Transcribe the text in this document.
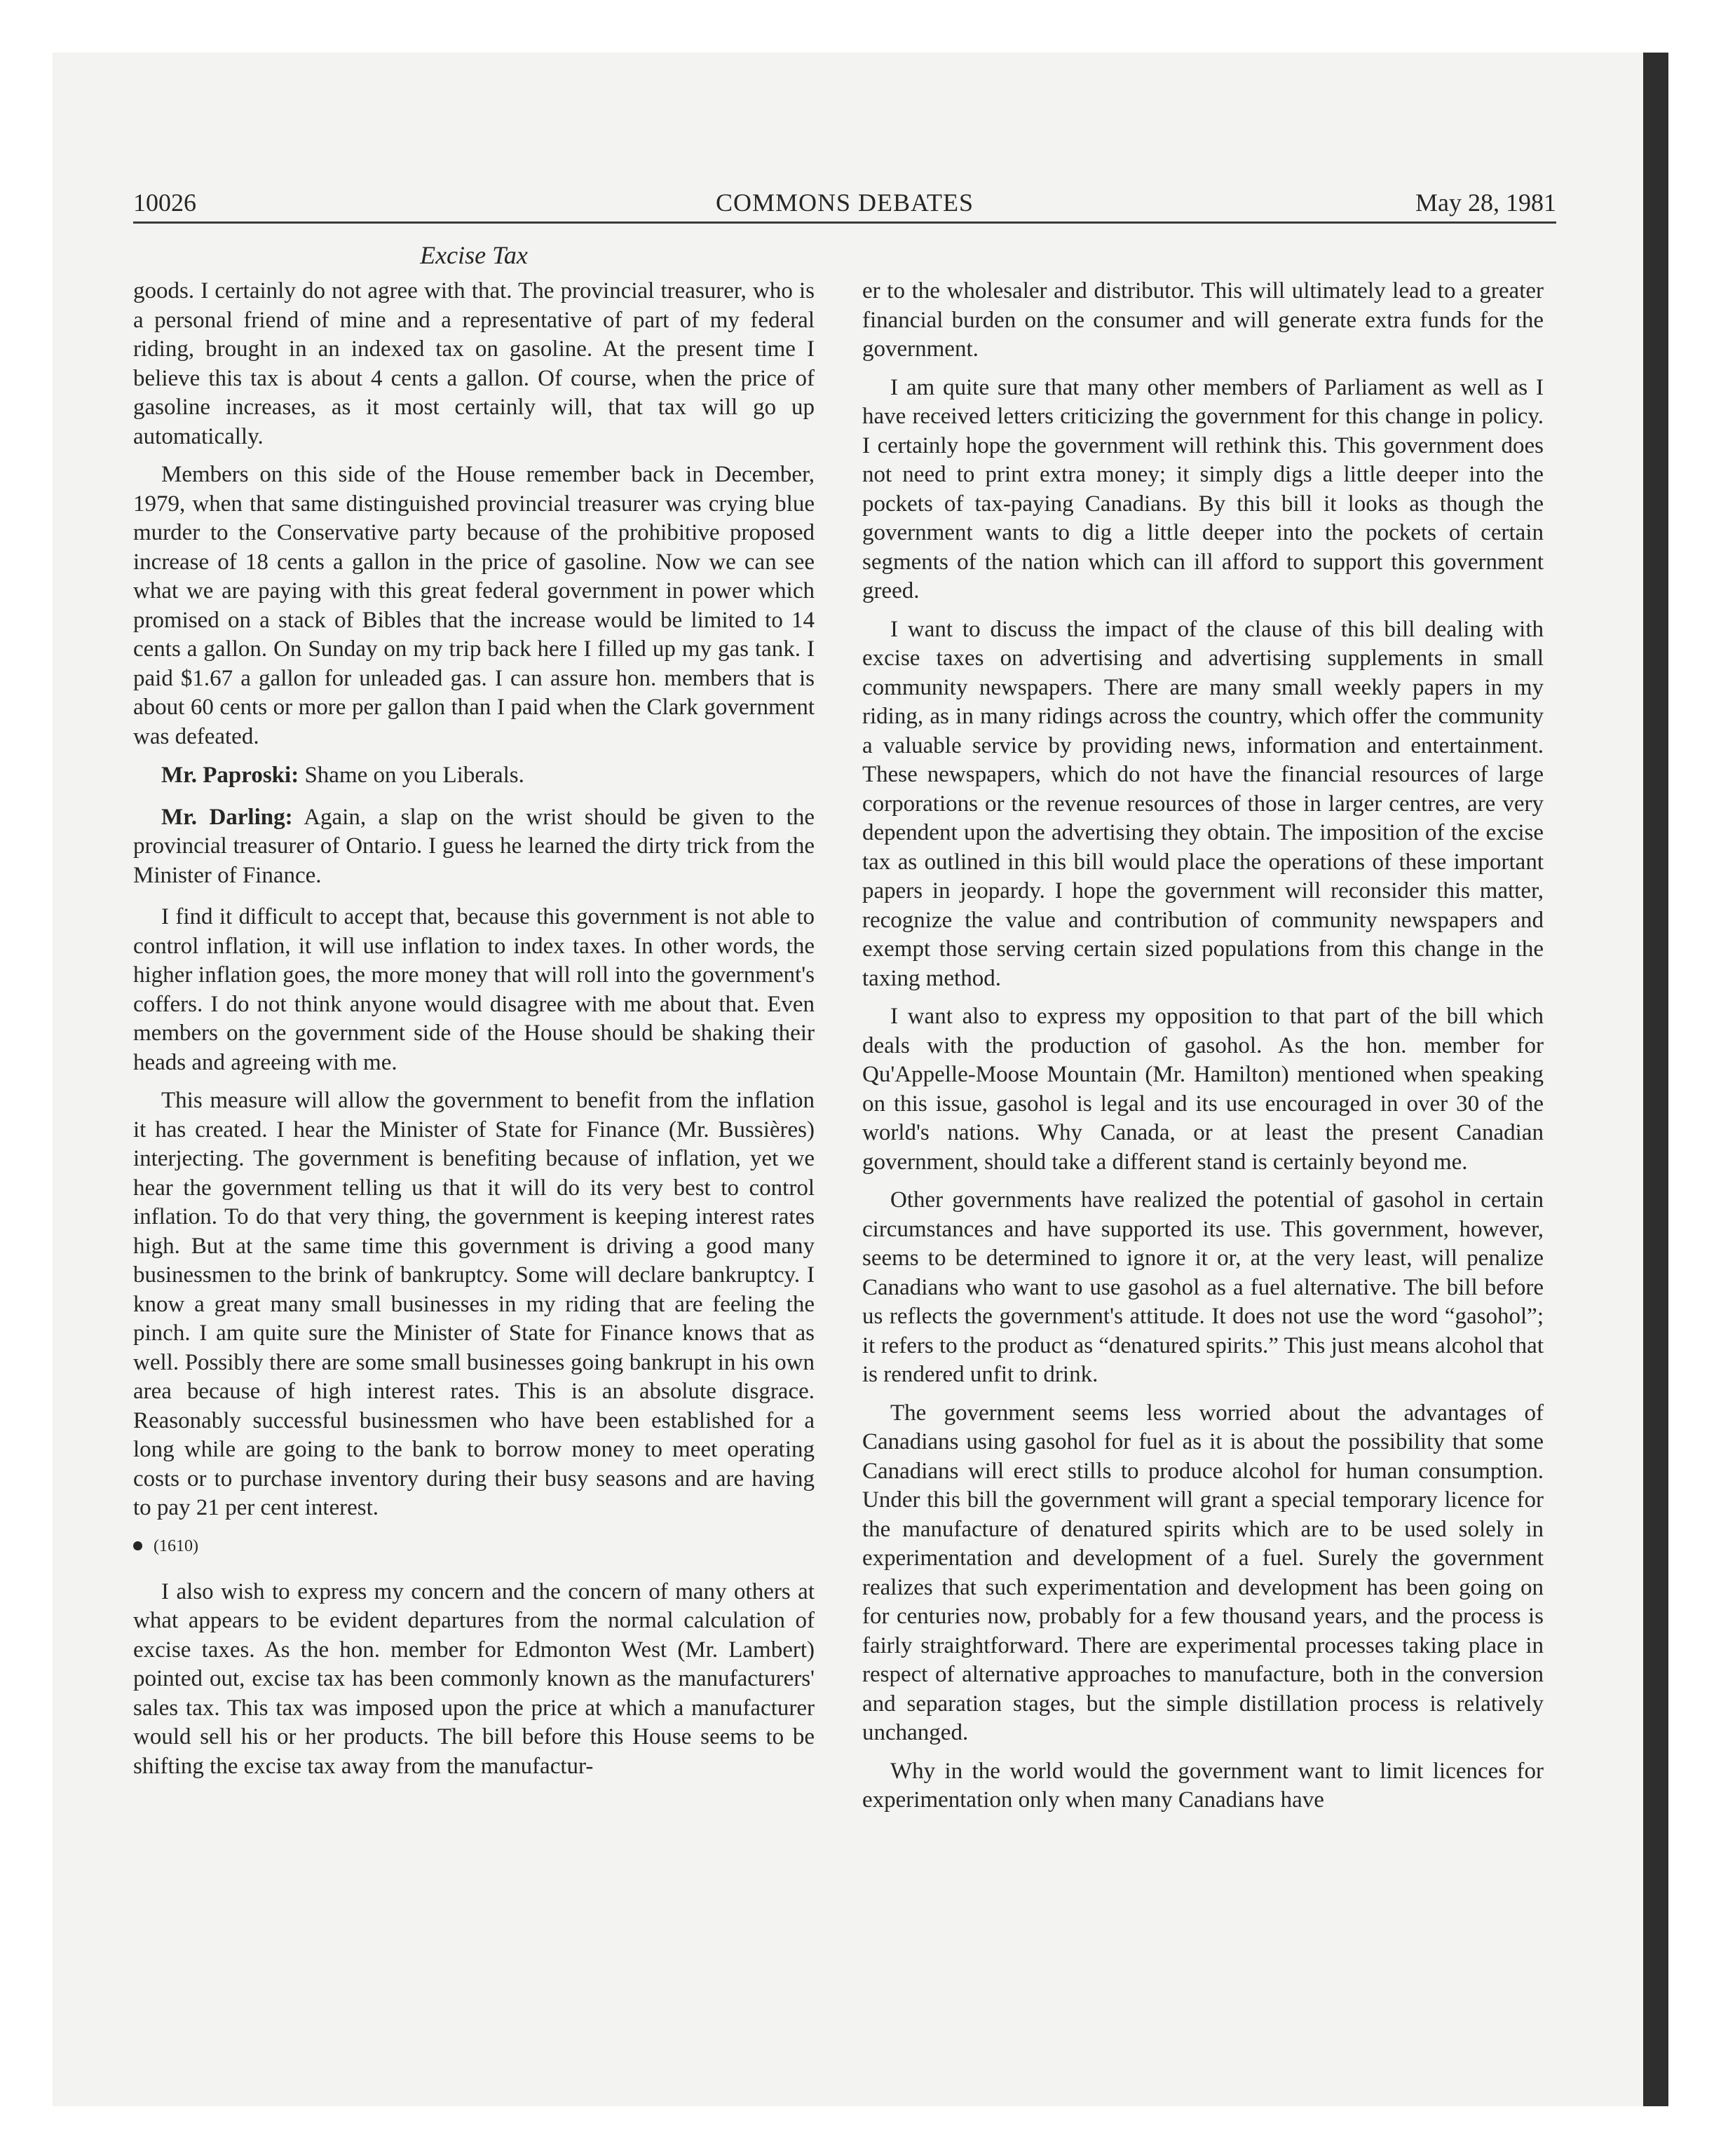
10026	COMMONS DEBATES	May 28, 1981
Excise Tax

goods. I certainly do not agree with that. The provincial treasurer, who is a personal friend of mine and a representative of part of my federal riding, brought in an indexed tax on gasoline. At the present time I believe this tax is about 4 cents a gallon. Of course, when the price of gasoline increases, as it most certainly will, that tax will go up automatically.

Members on this side of the House remember back in December, 1979, when that same distinguished provincial treasurer was crying blue murder to the Conservative party because of the prohibitive proposed increase of 18 cents a gallon in the price of gasoline. Now we can see what we are paying with this great federal government in power which promised on a stack of Bibles that the increase would be limited to 14 cents a gallon. On Sunday on my trip back here I filled up my gas tank. I paid $1.67 a gallon for unleaded gas. I can assure hon. members that is about 60 cents or more per gallon than I paid when the Clark government was defeated.

Mr. Paproski: Shame on you Liberals.

Mr. Darling: Again, a slap on the wrist should be given to the provincial treasurer of Ontario. I guess he learned the dirty trick from the Minister of Finance.

I find it difficult to accept that, because this government is not able to control inflation, it will use inflation to index taxes. In other words, the higher inflation goes, the more money that will roll into the government's coffers. I do not think anyone would disagree with me about that. Even members on the government side of the House should be shaking their heads and agreeing with me.

This measure will allow the government to benefit from the inflation it has created. I hear the Minister of State for Finance (Mr. Bussières) interjecting. The government is benefiting because of inflation, yet we hear the government telling us that it will do its very best to control inflation. To do that very thing, the government is keeping interest rates high. But at the same time this government is driving a good many businessmen to the brink of bankruptcy. Some will declare bankruptcy. I know a great many small businesses in my riding that are feeling the pinch. I am quite sure the Minister of State for Finance knows that as well. Possibly there are some small businesses going bankrupt in his own area because of high interest rates. This is an absolute disgrace. Reasonably successful businessmen who have been established for a long while are going to the bank to borrow money to meet operating costs or to purchase inventory during their busy seasons and are having to pay 21 per cent interest.

(1610)

I also wish to express my concern and the concern of many others at what appears to be evident departures from the normal calculation of excise taxes. As the hon. member for Edmonton West (Mr. Lambert) pointed out, excise tax has been commonly known as the manufacturers' sales tax. This tax was imposed upon the price at which a manufacturer would sell his or her products. The bill before this House seems to be shifting the excise tax away from the manufactur-

er to the wholesaler and distributor. This will ultimately lead to a greater financial burden on the consumer and will generate extra funds for the government.

I am quite sure that many other members of Parliament as well as I have received letters criticizing the government for this change in policy. I certainly hope the government will rethink this. This government does not need to print extra money; it simply digs a little deeper into the pockets of tax-paying Canadians. By this bill it looks as though the government wants to dig a little deeper into the pockets of certain segments of the nation which can ill afford to support this government greed.

I want to discuss the impact of the clause of this bill dealing with excise taxes on advertising and advertising supplements in small community newspapers. There are many small weekly papers in my riding, as in many ridings across the country, which offer the community a valuable service by providing news, information and entertainment. These newspapers, which do not have the financial resources of large corporations or the revenue resources of those in larger centres, are very dependent upon the advertising they obtain. The imposition of the excise tax as outlined in this bill would place the operations of these important papers in jeopardy. I hope the government will reconsider this matter, recognize the value and contribution of community newspapers and exempt those serving certain sized populations from this change in the taxing method.

I want also to express my opposition to that part of the bill which deals with the production of gasohol. As the hon. member for Qu'Appelle-Moose Mountain (Mr. Hamilton) mentioned when speaking on this issue, gasohol is legal and its use encouraged in over 30 of the world's nations. Why Canada, or at least the present Canadian government, should take a different stand is certainly beyond me.

Other governments have realized the potential of gasohol in certain circumstances and have supported its use. This government, however, seems to be determined to ignore it or, at the very least, will penalize Canadians who want to use gasohol as a fuel alternative. The bill before us reflects the government's attitude. It does not use the word “gasohol”; it refers to the product as “denatured spirits.” This just means alcohol that is rendered unfit to drink.

The government seems less worried about the advantages of Canadians using gasohol for fuel as it is about the possibility that some Canadians will erect stills to produce alcohol for human consumption. Under this bill the government will grant a special temporary licence for the manufacture of denatured spirits which are to be used solely in experimentation and development of a fuel. Surely the government realizes that such experimentation and development has been going on for centuries now, probably for a few thousand years, and the process is fairly straightforward. There are experimental processes taking place in respect of alternative approaches to manufacture, both in the conversion and separation stages, but the simple distillation process is relatively unchanged.

Why in the world would the government want to limit licences for experimentation only when many Canadians have
